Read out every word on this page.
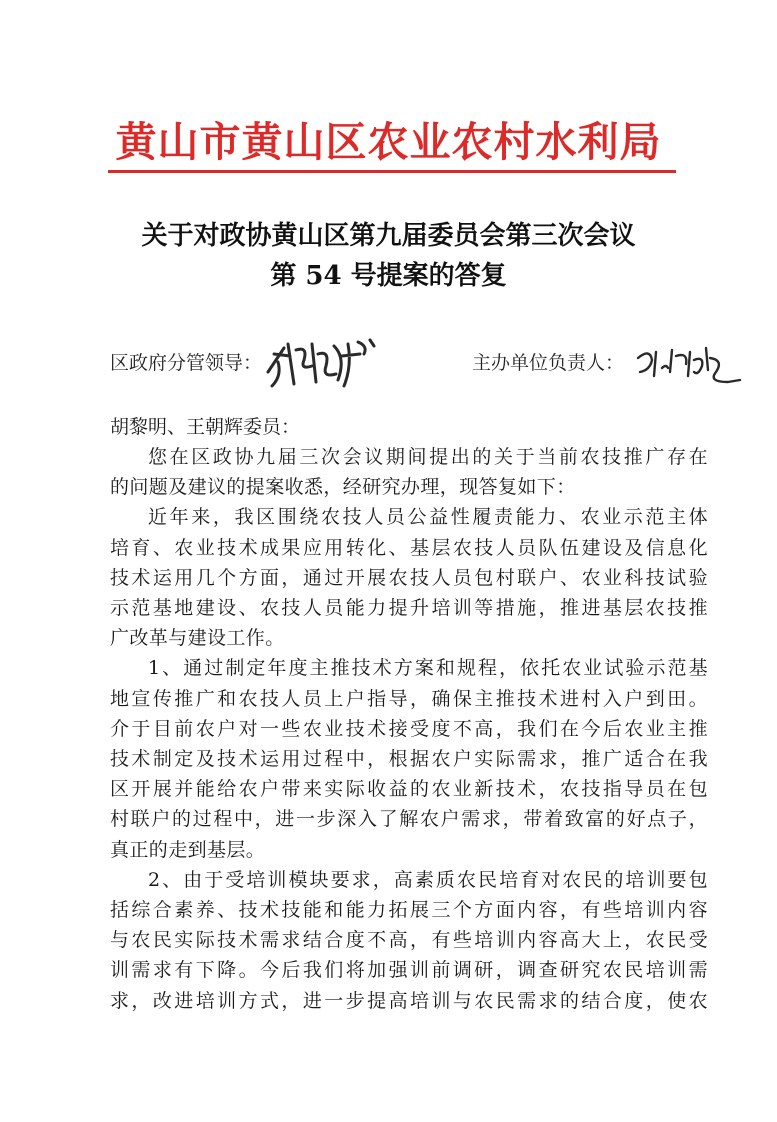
黄山市黄山区农业农村水利局
关于对政协黄山区第九届委员会第三次会议
第 54 号提案的答复
区政府分管领导：	主办单位负责人：
胡黎明、王朝辉委员：

您在区政协九届三次会议期间提出的关于当前农技推广存在
的问题及建议的提案收悉，经研究办理，现答复如下：

近年来，我区围绕农技人员公益性履责能力、农业示范主体
培育、农业技术成果应用转化、基层农技人员队伍建设及信息化
技术运用几个方面，通过开展农技人员包村联户、农业科技试验
示范基地建设、农技人员能力提升培训等措施，推进基层农技推
广改革与建设工作。

1、通过制定年度主推技术方案和规程，依托农业试验示范基
地宣传推广和农技人员上户指导，确保主推技术进村入户到田。
介于目前农户对一些农业技术接受度不高，我们在今后农业主推
技术制定及技术运用过程中，根据农户实际需求，推广适合在我
区开展并能给农户带来实际收益的农业新技术，农技指导员在包
村联户的过程中，进一步深入了解农户需求，带着致富的好点子，
真正的走到基层。

2、由于受培训模块要求，高素质农民培育对农民的培训要包
括综合素养、技术技能和能力拓展三个方面内容，有些培训内容
与农民实际技术需求结合度不高，有些培训内容高大上，农民受
训需求有下降。今后我们将加强训前调研，调查研究农民培训需
求，改进培训方式，进一步提高培训与农民需求的结合度，使农
